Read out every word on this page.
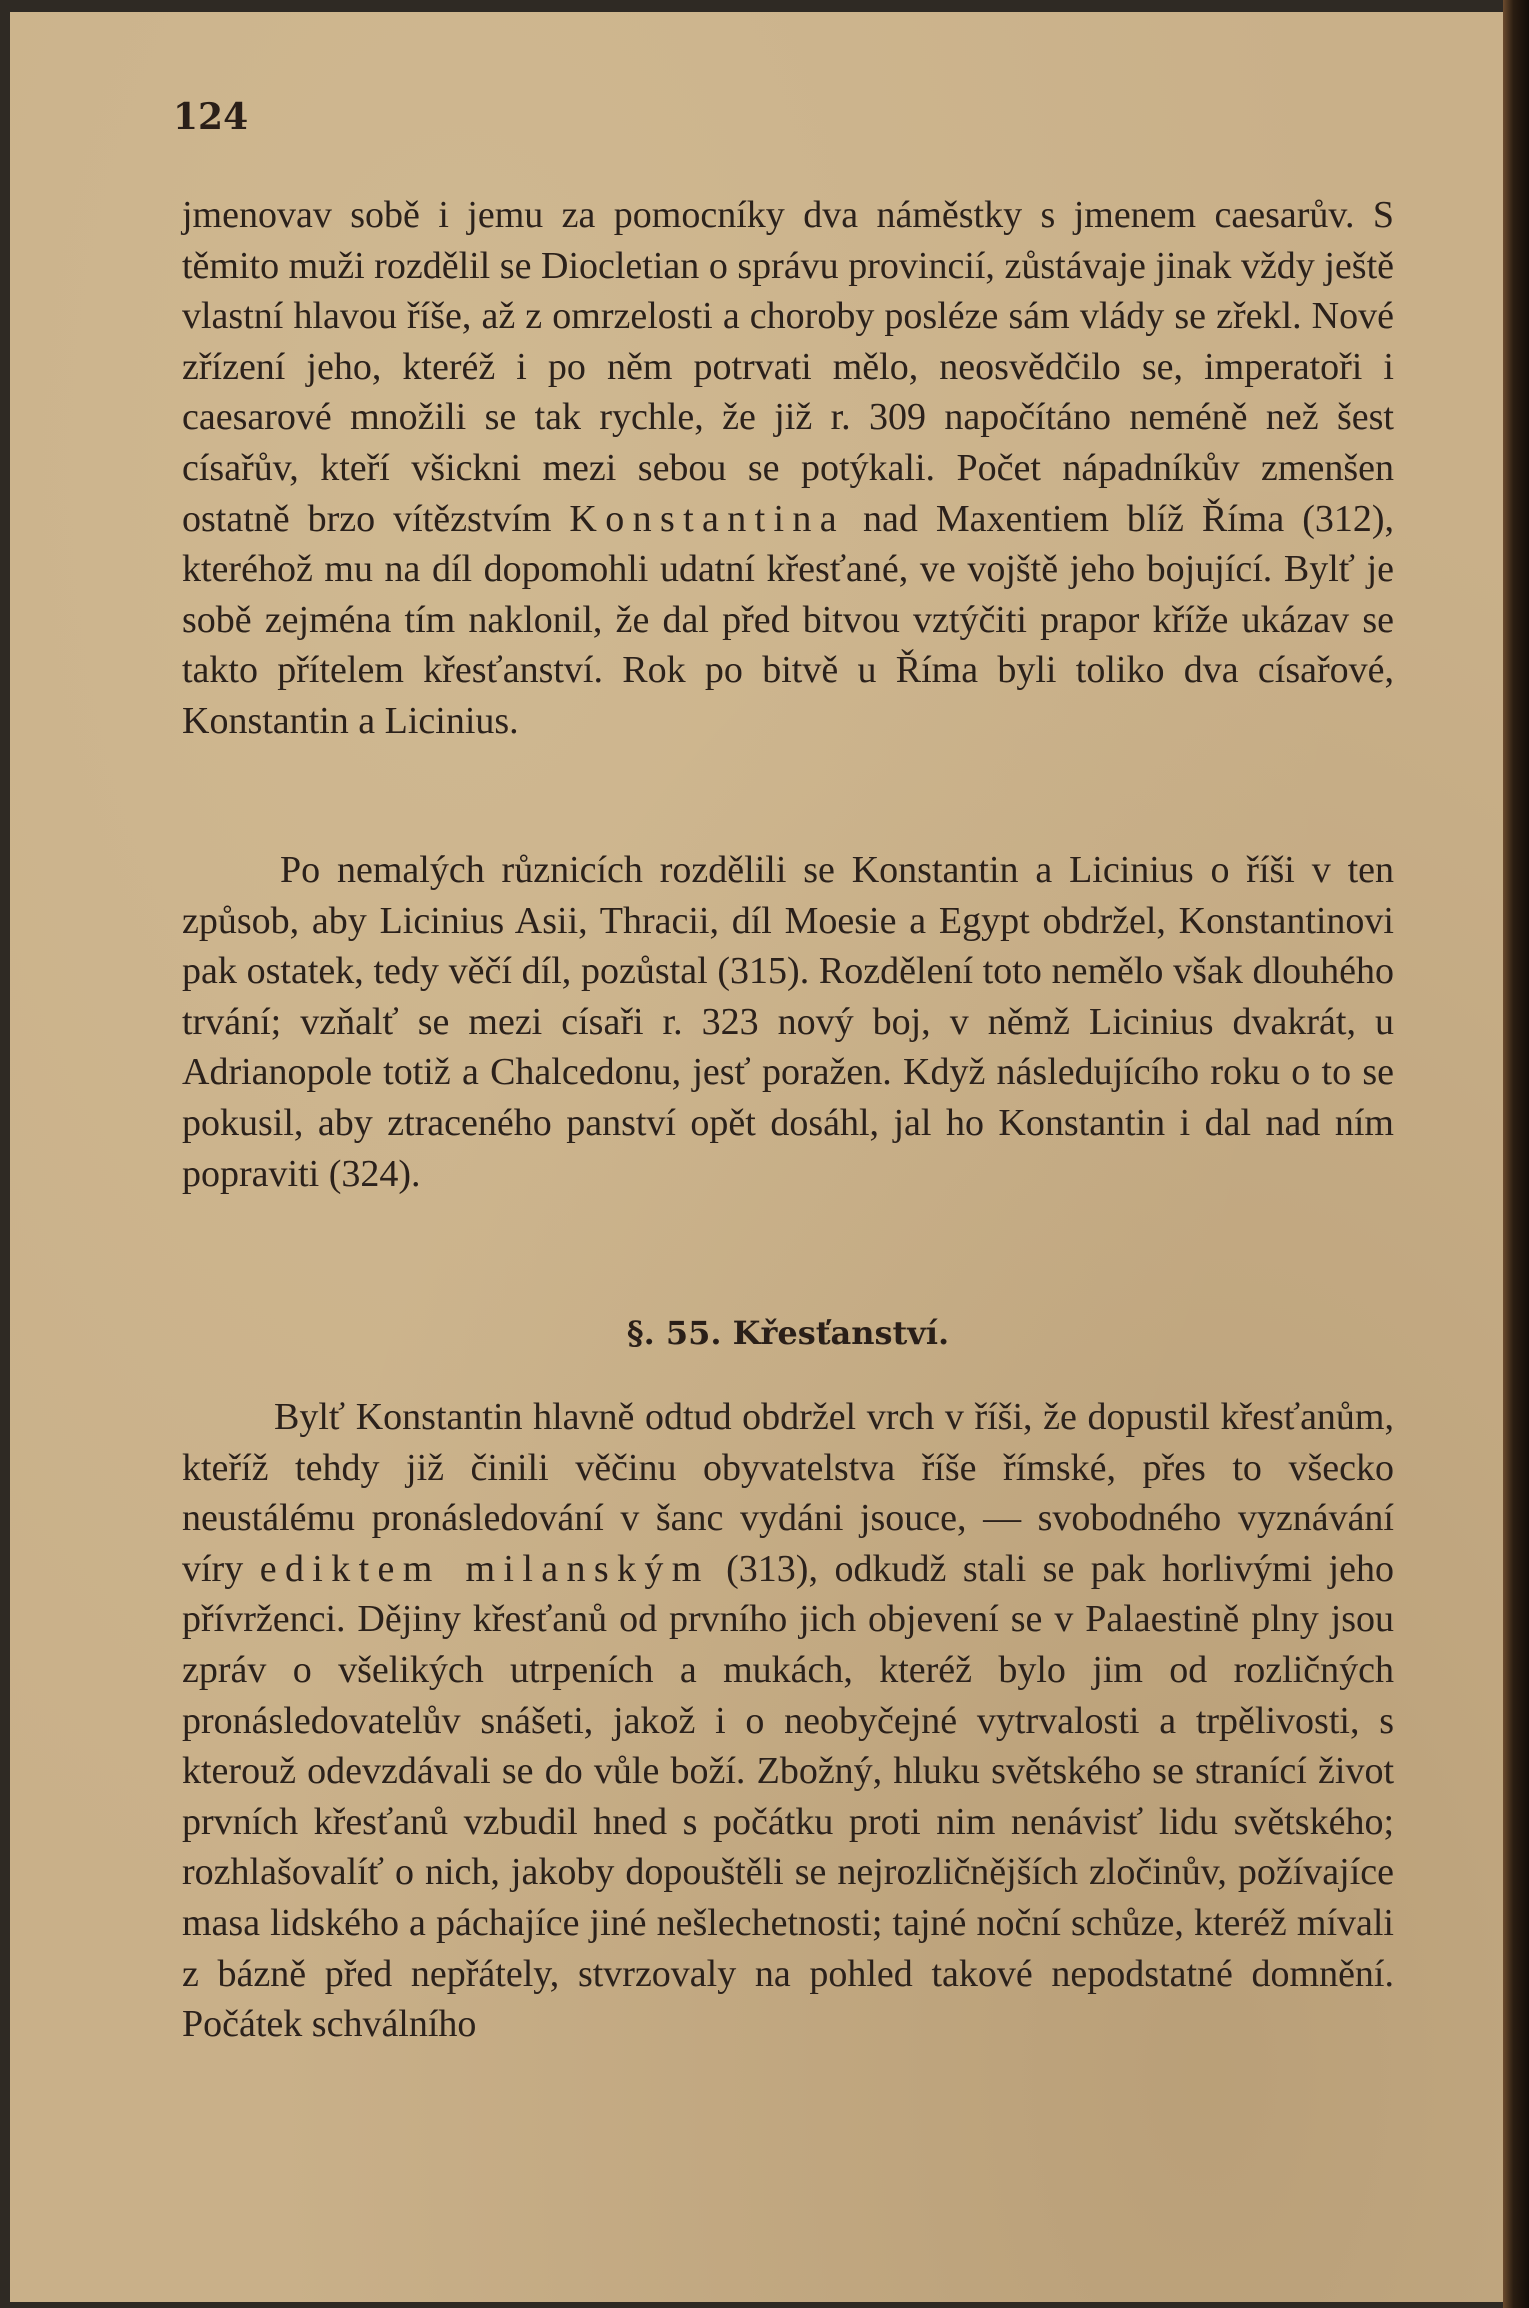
124

jmenovav sobě i jemu za pomocníky dva náměstky s jmenem caesarův. S těmito muži rozdělil se Diocletian o správu provincií, zůstávaje jinak vždy ještě vlastní hlavou říše, až z omrzelosti a choroby posléze sám vlády se zřekl. Nové zřízení jeho, kteréž i po něm potrvati mělo, neosvědčilo se, imperatoři i caesarové množili se tak rychle, že již r. 309 napočítáno neméně než šest císařův, kteří všickni mezi sebou se potýkali. Počet nápadníkův zmenšen ostatně brzo vítězstvím Konstantina nad Maxentiem blíž Říma (312), kteréhož mu na díl dopomohli udatní křesťané, ve vojště jeho bojující. Bylť je sobě zejména tím naklonil, že dal před bitvou vztýčiti prapor kříže ukázav se takto přítelem křesťanství. Rok po bitvě u Říma byli toliko dva císařové, Konstantin a Licinius.

Po nemalých různicích rozdělili se Konstantin a Licinius o říši v ten způsob, aby Licinius Asii, Thracii, díl Moesie a Egypt obdržel, Konstantinovi pak ostatek, tedy věčí díl, pozůstal (315). Rozdělení toto nemělo však dlouhého trvání; vzňalť se mezi císaři r. 323 nový boj, v němž Licinius dvakrát, u Adrianopole totiž a Chalcedonu, jesť poražen. Když následujícího roku o to se pokusil, aby ztraceného panství opět dosáhl, jal ho Konstantin i dal nad ním popraviti (324).

§. 55. Křesťanství.

Bylť Konstantin hlavně odtud obdržel vrch v říši, že dopustil křesťanům, kteříž tehdy již činili věčinu obyvatelstva říše římské, přes to všecko neustálému pronásledování v šanc vydáni jsouce, — svobodného vyznávání víry ediktem milanským (313), odkudž stali se pak horlivými jeho přívrženci. Dějiny křesťanů od prvního jich objevení se v Palaestině plny jsou zpráv o všelikých utrpeních a mukách, kteréž bylo jim od rozličných pronásledovatelův snášeti, jakož i o neobyčejné vytrvalosti a trpělivosti, s kterouž odevzdávali se do vůle boží. Zbožný, hluku světského se stranící život prvních křesťanů vzbudil hned s počátku proti nim nenávisť lidu světského; rozhlašovalíť o nich, jakoby dopouštěli se nejrozličnějších zločinův, požívajíce masa lidského a páchajíce jiné nešlechetnosti; tajné noční schůze, kteréž mívali z bázně před nepřátely, stvrzovaly na pohled takové nepodstatné domnění. Počátek schválního
